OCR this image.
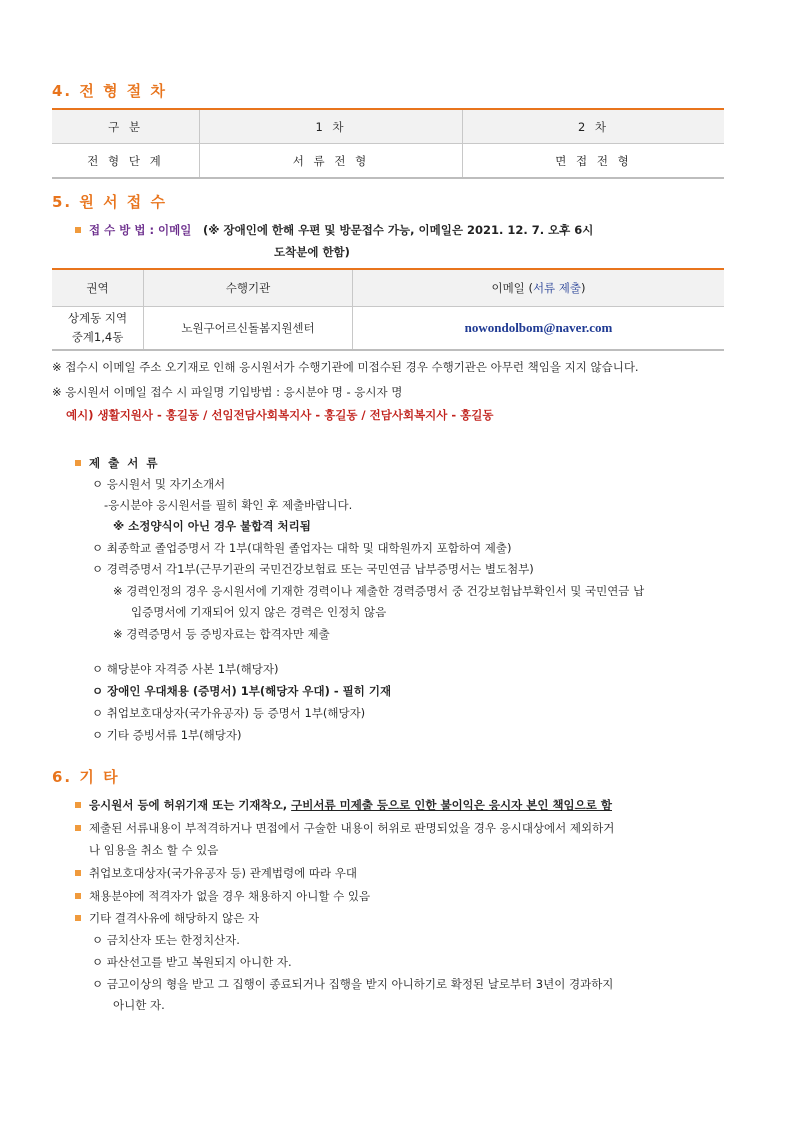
4. 전 형 절 차
구 분	1 차	2 차
전 형 단 계	서 류 전 형	면 접 전 형
5. 원 서 접 수
접 수 방 법 : 이메일 (※ 장애인에 한해 우편 및 방문접수 가능, 이메일은 2021. 12. 7. 오후 6시
도착분에 한함)
권역	수행기관	이메일 (서류 제출)

상계동 지역
중계1,4동	노원구어르신돌봄지원센터	nowondolbom@naver.com
※ 접수시 이메일 주소 오기재로 인해 응시원서가 수행기관에 미접수된 경우 수행기관은 아무런 책임을 지지 않습니다.
※ 응시원서 이메일 접수 시 파일명 기입방법 : 응시분야 명 - 응시자 명
예시) 생활지원사 - 홍길동 / 선임전담사회복지사 - 홍길동 / 전담사회복지사 - 홍길동
제 출 서 류
ㅇ 응시원서 및 자기소개서
-응시분야 응시원서를 필히 확인 후 제출바랍니다.
※ 소정양식이 아닌 경우 불합격 처리됨
ㅇ 최종학교 졸업증명서 각 1부(대학원 졸업자는 대학 및 대학원까지 포함하여 제출)
ㅇ 경력증명서 각1부(근무기관의 국민건강보험료 또는 국민연금 납부증명서는 별도첨부)
※ 경력인정의 경우 응시원서에 기재한 경력이나 제출한 경력증명서 중 건강보험납부확인서 및 국민연금 납
입증명서에 기재되어 있지 않은 경력은 인정치 않음
※ 경력증명서 등 증빙자료는 합격자만 제출
ㅇ 해당분야 자격증 사본 1부(해당자)
ㅇ 장애인 우대채용 (증명서) 1부(해당자 우대) - 필히 기재
ㅇ 취업보호대상자(국가유공자) 등 증명서 1부(해당자)
ㅇ 기타 증빙서류 1부(해당자)
6. 기 타
응시원서 등에 허위기재 또는 기재착오, 구비서류 미제출 등으로 인한 불이익은 응시자 본인 책임으로 함
제출된 서류내용이 부적격하거나 면접에서 구술한 내용이 허위로 판명되었을 경우 응시대상에서 제외하거
나 임용을 취소 할 수 있음
취업보호대상자(국가유공자 등) 관계법령에 따라 우대
채용분야에 적격자가 없을 경우 채용하지 아니할 수 있음
기타 결격사유에 해당하지 않은 자
ㅇ 금치산자 또는 한정치산자.
ㅇ 파산선고를 받고 복원되지 아니한 자.
ㅇ 금고이상의 형을 받고 그 집행이 종료되거나 집행을 받지 아니하기로 확정된 날로부터 3년이 경과하지
아니한 자.
